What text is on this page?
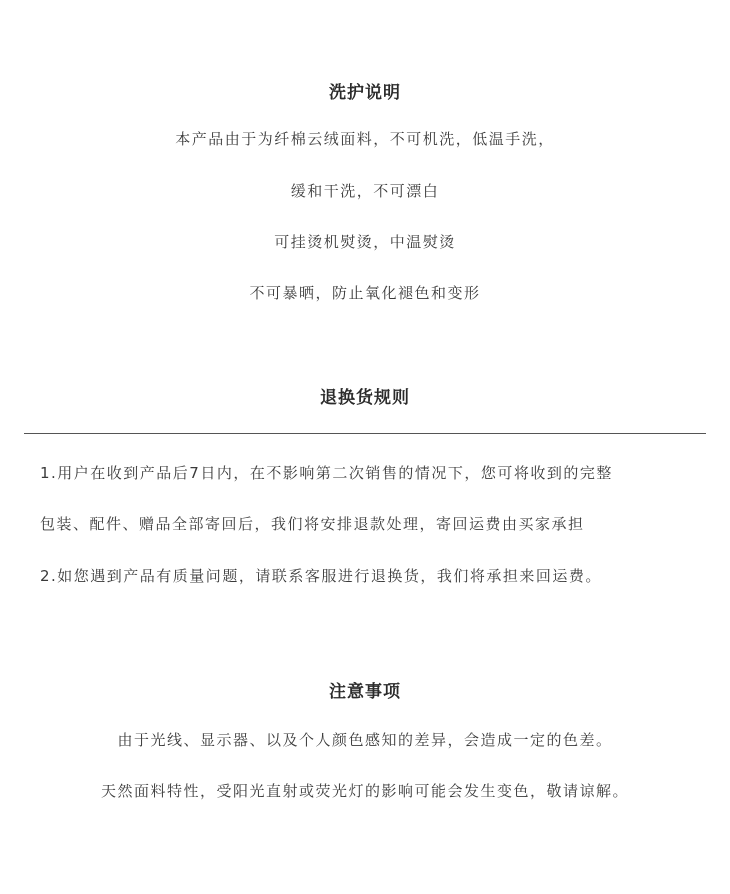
洗护说明
本产品由于为纤棉云绒面料，不可机洗，低温手洗，
缓和干洗，不可漂白
可挂烫机熨烫，中温熨烫
不可暴晒，防止氧化褪色和变形
退换货规则
1.用户在收到产品后7日内，在不影响第二次销售的情况下，您可将收到的完整
包装、配件、赠品全部寄回后，我们将安排退款处理，寄回运费由买家承担
2.如您遇到产品有质量问题，请联系客服进行退换货，我们将承担来回运费。
注意事项
由于光线、显示器、以及个人颜色感知的差异，会造成一定的色差。
天然面料特性，受阳光直射或荧光灯的影响可能会发生变色，敬请谅解。
